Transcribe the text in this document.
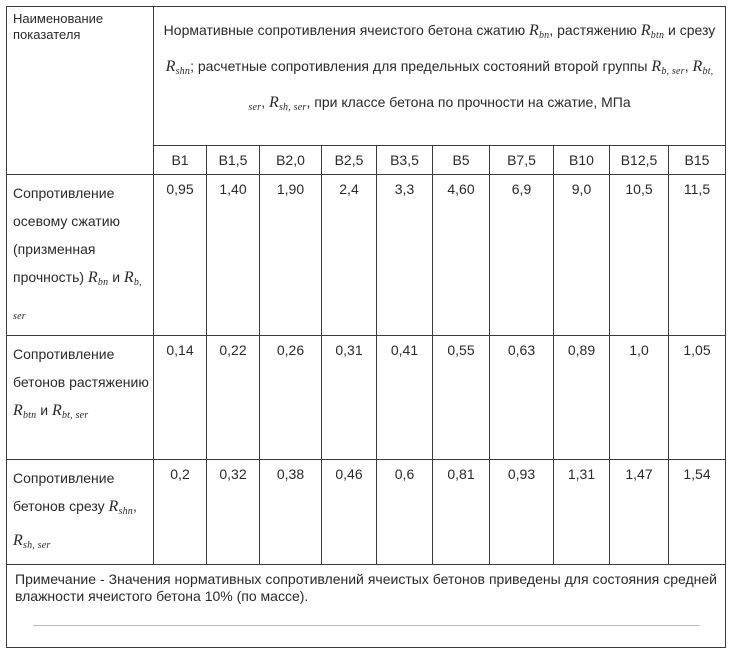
Наименование показателя	Нормативные сопротивления ячеистого бетона сжатию $R_{bn}$, растяжению $R_{btn}$ и срезу $R_{shn}$; расчетные сопротивления для предельных состояний второй группы $R_{b, ser}$, $R_{bt, ser}$, $R_{sh, ser}$, при классе бетона по прочности на сжатие, МПа									
	B1	B1,5	B2,0	B2,5	B3,5	B5	B7,5	B10	B12,5	B15
Сопротивление осевому сжатию (призменная прочность) $R_{bn}$ и $R_{b, ser}$	0,95	1,40	1,90	2,4	3,3	4,60	6,9	9,0	10,5	11,5
Сопротивление бетонов растяжению $R_{btn}$ и $R_{bt, ser}$	0,14	0,22	0,26	0,31	0,41	0,55	0,63	0,89	1,0	1,05
Сопротивление бетонов срезу $R_{shn}$, $R_{sh, ser}$	0,2	0,32	0,38	0,46	0,6	0,81	0,93	1,31	1,47	1,54
Примечание - Значения нормативных сопротивлений ячеистых бетонов приведены для состояния средней влажности ячеистого бетона 10% (по массе).										
